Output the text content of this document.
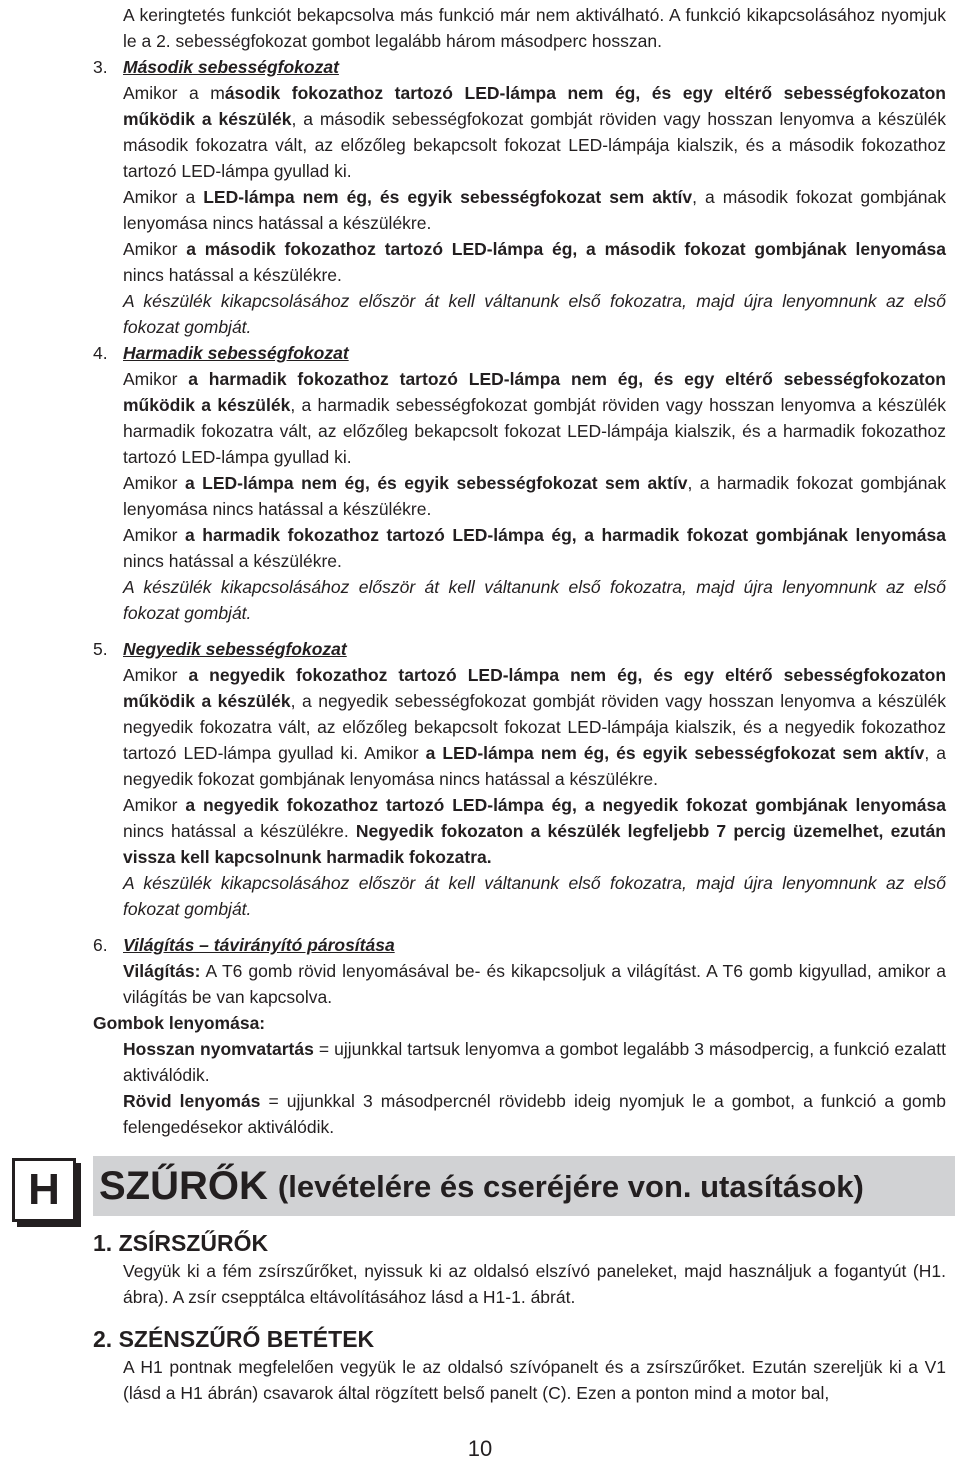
A keringtetés funkciót bekapcsolva más funkció már nem aktiválható. A funkció kikapcsolásához nyomjuk le a 2. sebességfokozat gombot legalább három másodperc hosszan.

3. Második sebességfokozat

Amikor a második fokozathoz tartozó LED-lámpa nem ég, és egy eltérő sebességfokozaton működik a készülék, a második sebességfokozat gombját röviden vagy hosszan lenyomva a készülék második fokozatra vált, az előzőleg bekapcsolt fokozat LED-lámpája kialszik, és a második fokozathoz tartozó LED-lámpa gyullad ki.

Amikor a LED-lámpa nem ég, és egyik sebességfokozat sem aktív, a második fokozat gombjának lenyomása nincs hatással a készülékre.

Amikor a második fokozathoz tartozó LED-lámpa ég, a második fokozat gombjának lenyomása nincs hatással a készülékre.

A készülék kikapcsolásához először át kell váltanunk első fokozatra, majd újra lenyomnunk az első fokozat gombját.

4. Harmadik sebességfokozat

Amikor a harmadik fokozathoz tartozó LED-lámpa nem ég, és egy eltérő sebességfokozaton működik a készülék, a harmadik sebességfokozat gombját röviden vagy hosszan lenyomva a készülék harmadik fokozatra vált, az előzőleg bekapcsolt fokozat LED-lámpája kialszik, és a harmadik fokozathoz tartozó LED-lámpa gyullad ki.

Amikor a LED-lámpa nem ég, és egyik sebességfokozat sem aktív, a harmadik fokozat gombjának lenyomása nincs hatással a készülékre.

Amikor a harmadik fokozathoz tartozó LED-lámpa ég, a harmadik fokozat gombjának lenyomása nincs hatással a készülékre.

A készülék kikapcsolásához először át kell váltanunk első fokozatra, majd újra lenyomnunk az első fokozat gombját.

5. Negyedik sebességfokozat

Amikor a negyedik fokozathoz tartozó LED-lámpa nem ég, és egy eltérő sebességfokozaton működik a készülék, a negyedik sebességfokozat gombját röviden vagy hosszan lenyomva a készülék negyedik fokozatra vált, az előzőleg bekapcsolt fokozat LED-lámpája kialszik, és a negyedik fokozathoz tartozó LED-lámpa gyullad ki. Amikor a LED-lámpa nem ég, és egyik sebességfokozat sem aktív, a negyedik fokozat gombjának lenyomása nincs hatással a készülékre.

Amikor a negyedik fokozathoz tartozó LED-lámpa ég, a negyedik fokozat gombjának lenyomása nincs hatással a készülékre. Negyedik fokozaton a készülék legfeljebb 7 percig üzemelhet, ezután vissza kell kapcsolnunk harmadik fokozatra.

A készülék kikapcsolásához először át kell váltanunk első fokozatra, majd újra lenyomnunk az első fokozat gombját.

6. Világítás – távirányító párosítása

Világítás: A T6 gomb rövid lenyomásával be- és kikapcsoljuk a világítást. A T6 gomb kigyullad, amikor a világítás be van kapcsolva.

Gombok lenyomása:

Hosszan nyomvatartás = ujjunkkal tartsuk lenyomva a gombot legalább 3 másodpercig, a funkció ezalatt aktiválódik.

Rövid lenyomás = ujjunkkal 3 másodpercnél rövidebb ideig nyomjuk le a gombot, a funkció a gomb felengedésekor aktiválódik.

H SZŰRŐK (levételére és cseréjére von. utasítások)

1. ZSÍRSZŰRŐK

Vegyük ki a fém zsírszűrőket, nyissuk ki az oldalsó elszívó paneleket, majd használjuk a fogantyút (H1. ábra). A zsír csepptálca eltávolításához lásd a H1-1. ábrát.

2. SZÉNSZŰRŐ BETÉTEK

A H1 pontnak megfelelően vegyük le az oldalsó szívópanelt és a zsírszűrőket. Ezután szereljük ki a V1 (lásd a H1 ábrán) csavarok által rögzített belső panelt (C). Ezen a ponton mind a motor bal,

10
